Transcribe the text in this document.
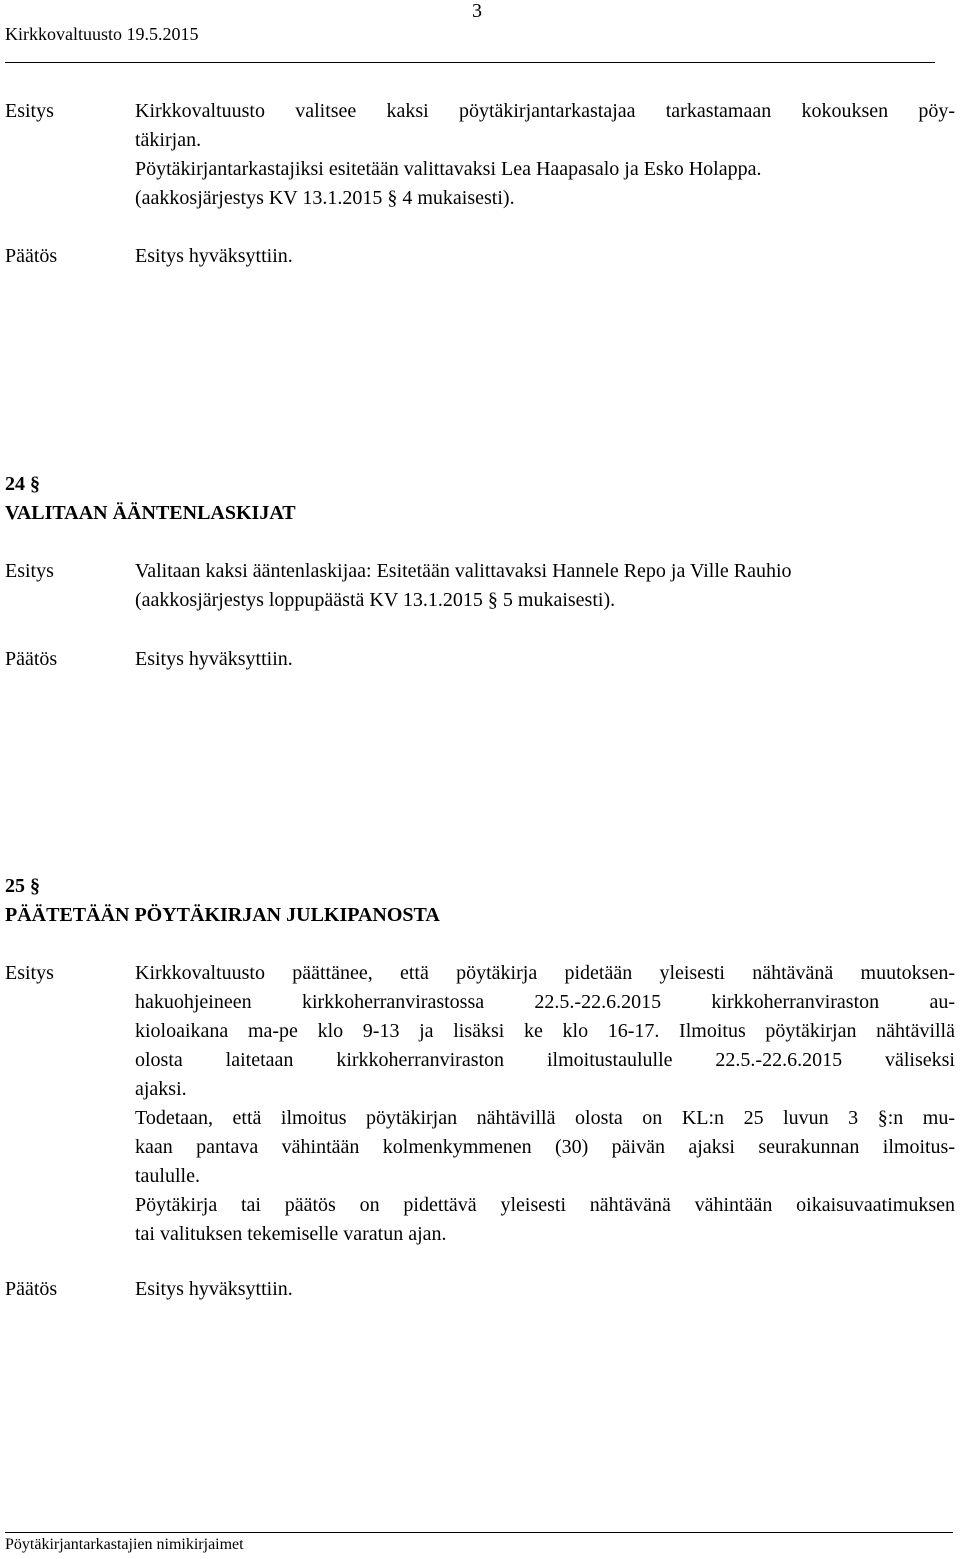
3
Kirkkovaltuusto 19.5.2015
Esitys	Kirkkovaltuusto valitsee kaksi pöytäkirjantarkastajaa tarkastamaan kokouksen pöy-
täkirjan.
Pöytäkirjantarkastajiksi esitetään valittavaksi Lea Haapasalo ja Esko Holappa.
(aakkosjärjestys KV 13.1.2015 § 4 mukaisesti).
Päätös	Esitys hyväksyttiin.
24 §
VALITAAN ÄÄNTENLASKIJAT
Esitys	Valitaan kaksi ääntenlaskijaa: Esitetään valittavaksi Hannele Repo ja Ville Rauhio
(aakkosjärjestys loppupäästä KV 13.1.2015 § 5 mukaisesti).
Päätös	Esitys hyväksyttiin.
25 §
PÄÄTETÄÄN PÖYTÄKIRJAN JULKIPANOSTA
Esitys	Kirkkovaltuusto päättänee, että pöytäkirja pidetään yleisesti nähtävänä muutoksen-
hakuohjeineen kirkkoherranvirastossa 22.5.-22.6.2015 kirkkoherranviraston au-
kioloaikana ma-pe klo 9-13 ja lisäksi ke klo 16-17. Ilmoitus pöytäkirjan nähtävillä
olosta laitetaan kirkkoherranviraston ilmoitustaululle 22.5.-22.6.2015 väliseksi
ajaksi.
Todetaan, että ilmoitus pöytäkirjan nähtävillä olosta on KL:n 25 luvun 3 §:n mu-
kaan pantava vähintään kolmenkymmenen (30) päivän ajaksi seurakunnan ilmoitus-
taululle.
Pöytäkirja tai päätös on pidettävä yleisesti nähtävänä vähintään oikaisuvaatimuksen
tai valituksen tekemiselle varatun ajan.
Päätös	Esitys hyväksyttiin.
Pöytäkirjantarkastajien nimikirjaimet
